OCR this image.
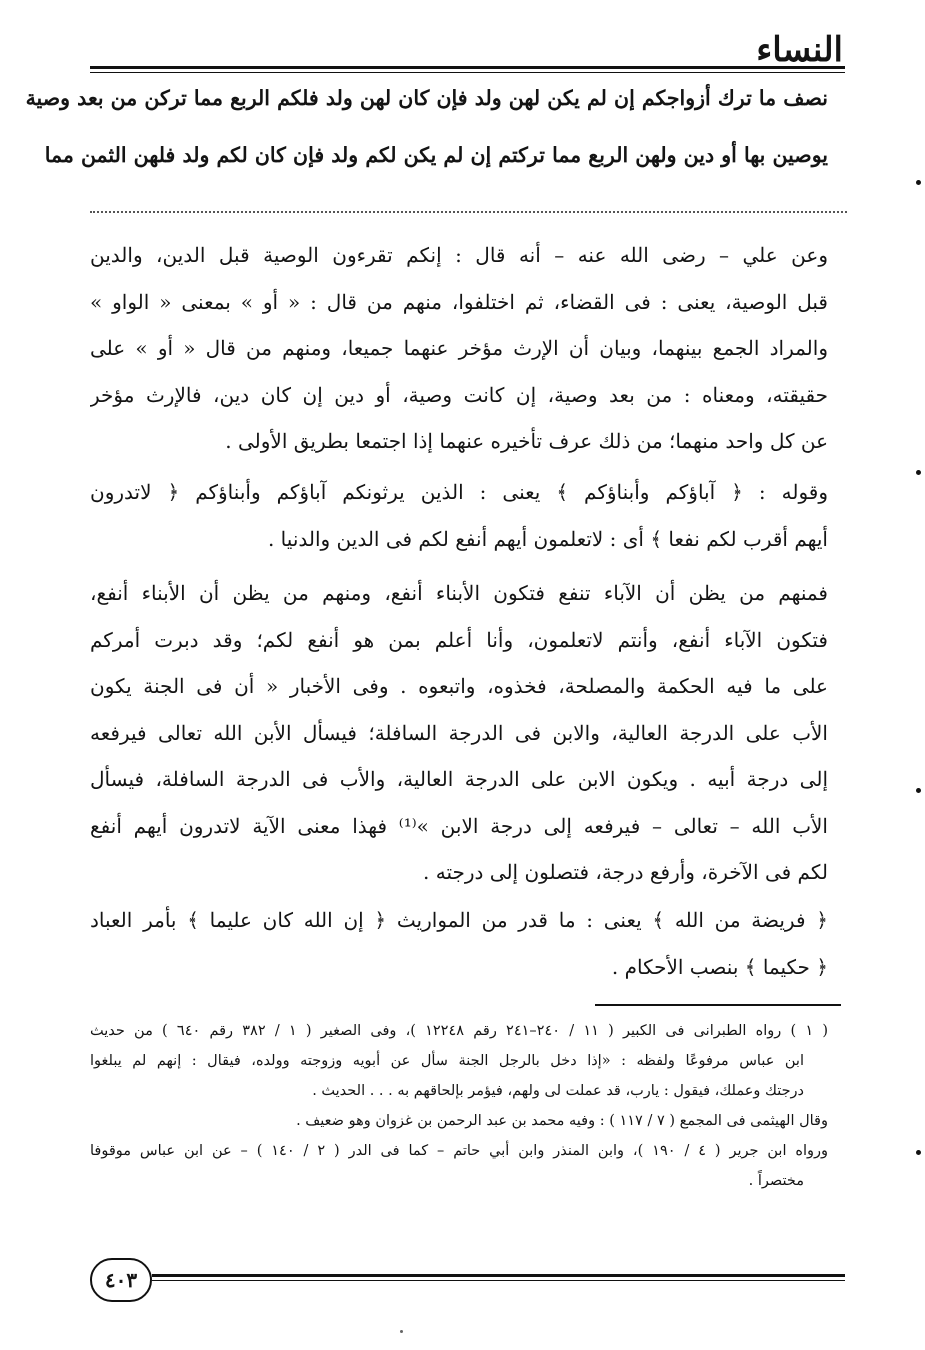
النساء
نصف ما ترك أزواجكم إن لم يكن لهن ولد فإن كان لهن ولد فلكم الربع مما تركن من بعد وصية
يوصين بها أو دين ولهن الربع مما تركتم إن لم يكن لكم ولد فإن كان لكم ولد فلهن الثمن مما
وعن علي – رضى الله عنه – أنه قال : إنكم تقرءون الوصية قبل الدين، والدين
قبل الوصية، يعنى : فى القضاء، ثم اختلفوا، منهم من قال : « أو » بمعنى « الواو »
والمراد الجمع بينهما، وبيان أن الإرث مؤخر عنهما جميعا، ومنهم من قال « أو » على
حقيقته، ومعناه : من بعد وصية، إن كانت وصية، أو دين إن كان دين، فالإرث مؤخر
عن كل واحد منهما؛ من ذلك عرف تأخيره عنهما إذا اجتمعا بطريق الأولى .
وقوله : ﴿ آباؤكم وأبناؤكم ﴾ يعنى : الذين يرثونكم آباؤكم وأبناؤكم ﴿ لاتدرون
أيهم أقرب لكم نفعا ﴾ أى : لاتعلمون أيهم أنفع لكم فى الدين والدنيا .
فمنهم من يظن أن الآباء تنفع فتكون الأبناء أنفع، ومنهم من يظن أن الأبناء أنفع،
فتكون الآباء أنفع، وأنتم لاتعلمون، وأنا أعلم بمن هو أنفع لكم؛ وقد دبرت أمركم
على ما فيه الحكمة والمصلحة، فخذوه، واتبعوه . وفى الأخبار « أن فى الجنة يكون
الأب على الدرجة العالية، والابن فى الدرجة السافلة؛ فيسأل الأبن الله تعالى فيرفعه
إلى درجة أبيه . ويكون الابن على الدرجة العالية، والأب فى الدرجة السافلة، فيسأل
الأب الله – تعالى – فيرفعه إلى درجة الابن »⁽¹⁾ فهذا معنى الآية لاتدرون أيهم أنفع
لكم فى الآخرة، وأرفع درجة، فتصلون إلى درجته .
﴿ فريضة من الله ﴾ يعنى : ما قدر من المواريث ﴿ إن الله كان عليما ﴾ بأمر العباد
﴿ حكيما ﴾ بنصب الأحكام .
( ١ ) رواه الطبرانى فى الكبير ( ١١ / ٢٤٠–٢٤١ رقم ١٢٢٤٨ )، وفى الصغير ( ١ / ٣٨٢ رقم ٦٤٠ ) من حديث
ابن عباس مرفوعًا ولفظه : «إذا دخل بالرجل الجنة سأل عن أبويه وزوجته وولده، فيقال : إنهم لم يبلغوا
درجتك وعملك، فيقول : يارب، قد عملت لى ولهم، فيؤمر بإلحاقهم به . . . الحديث .
وقال الهيثمى فى المجمع ( ٧ / ١١٧ ) : وفيه محمد بن عبد الرحمن بن غزوان وهو ضعيف .
ورواه ابن جرير ( ٤ / ١٩٠ )، وابن المنذر وابن أبي حاتم – كما فى الدر ( ٢ / ١٤٠ ) – عن ابن عباس موقوفا
مختصراً .
٤٠٣
